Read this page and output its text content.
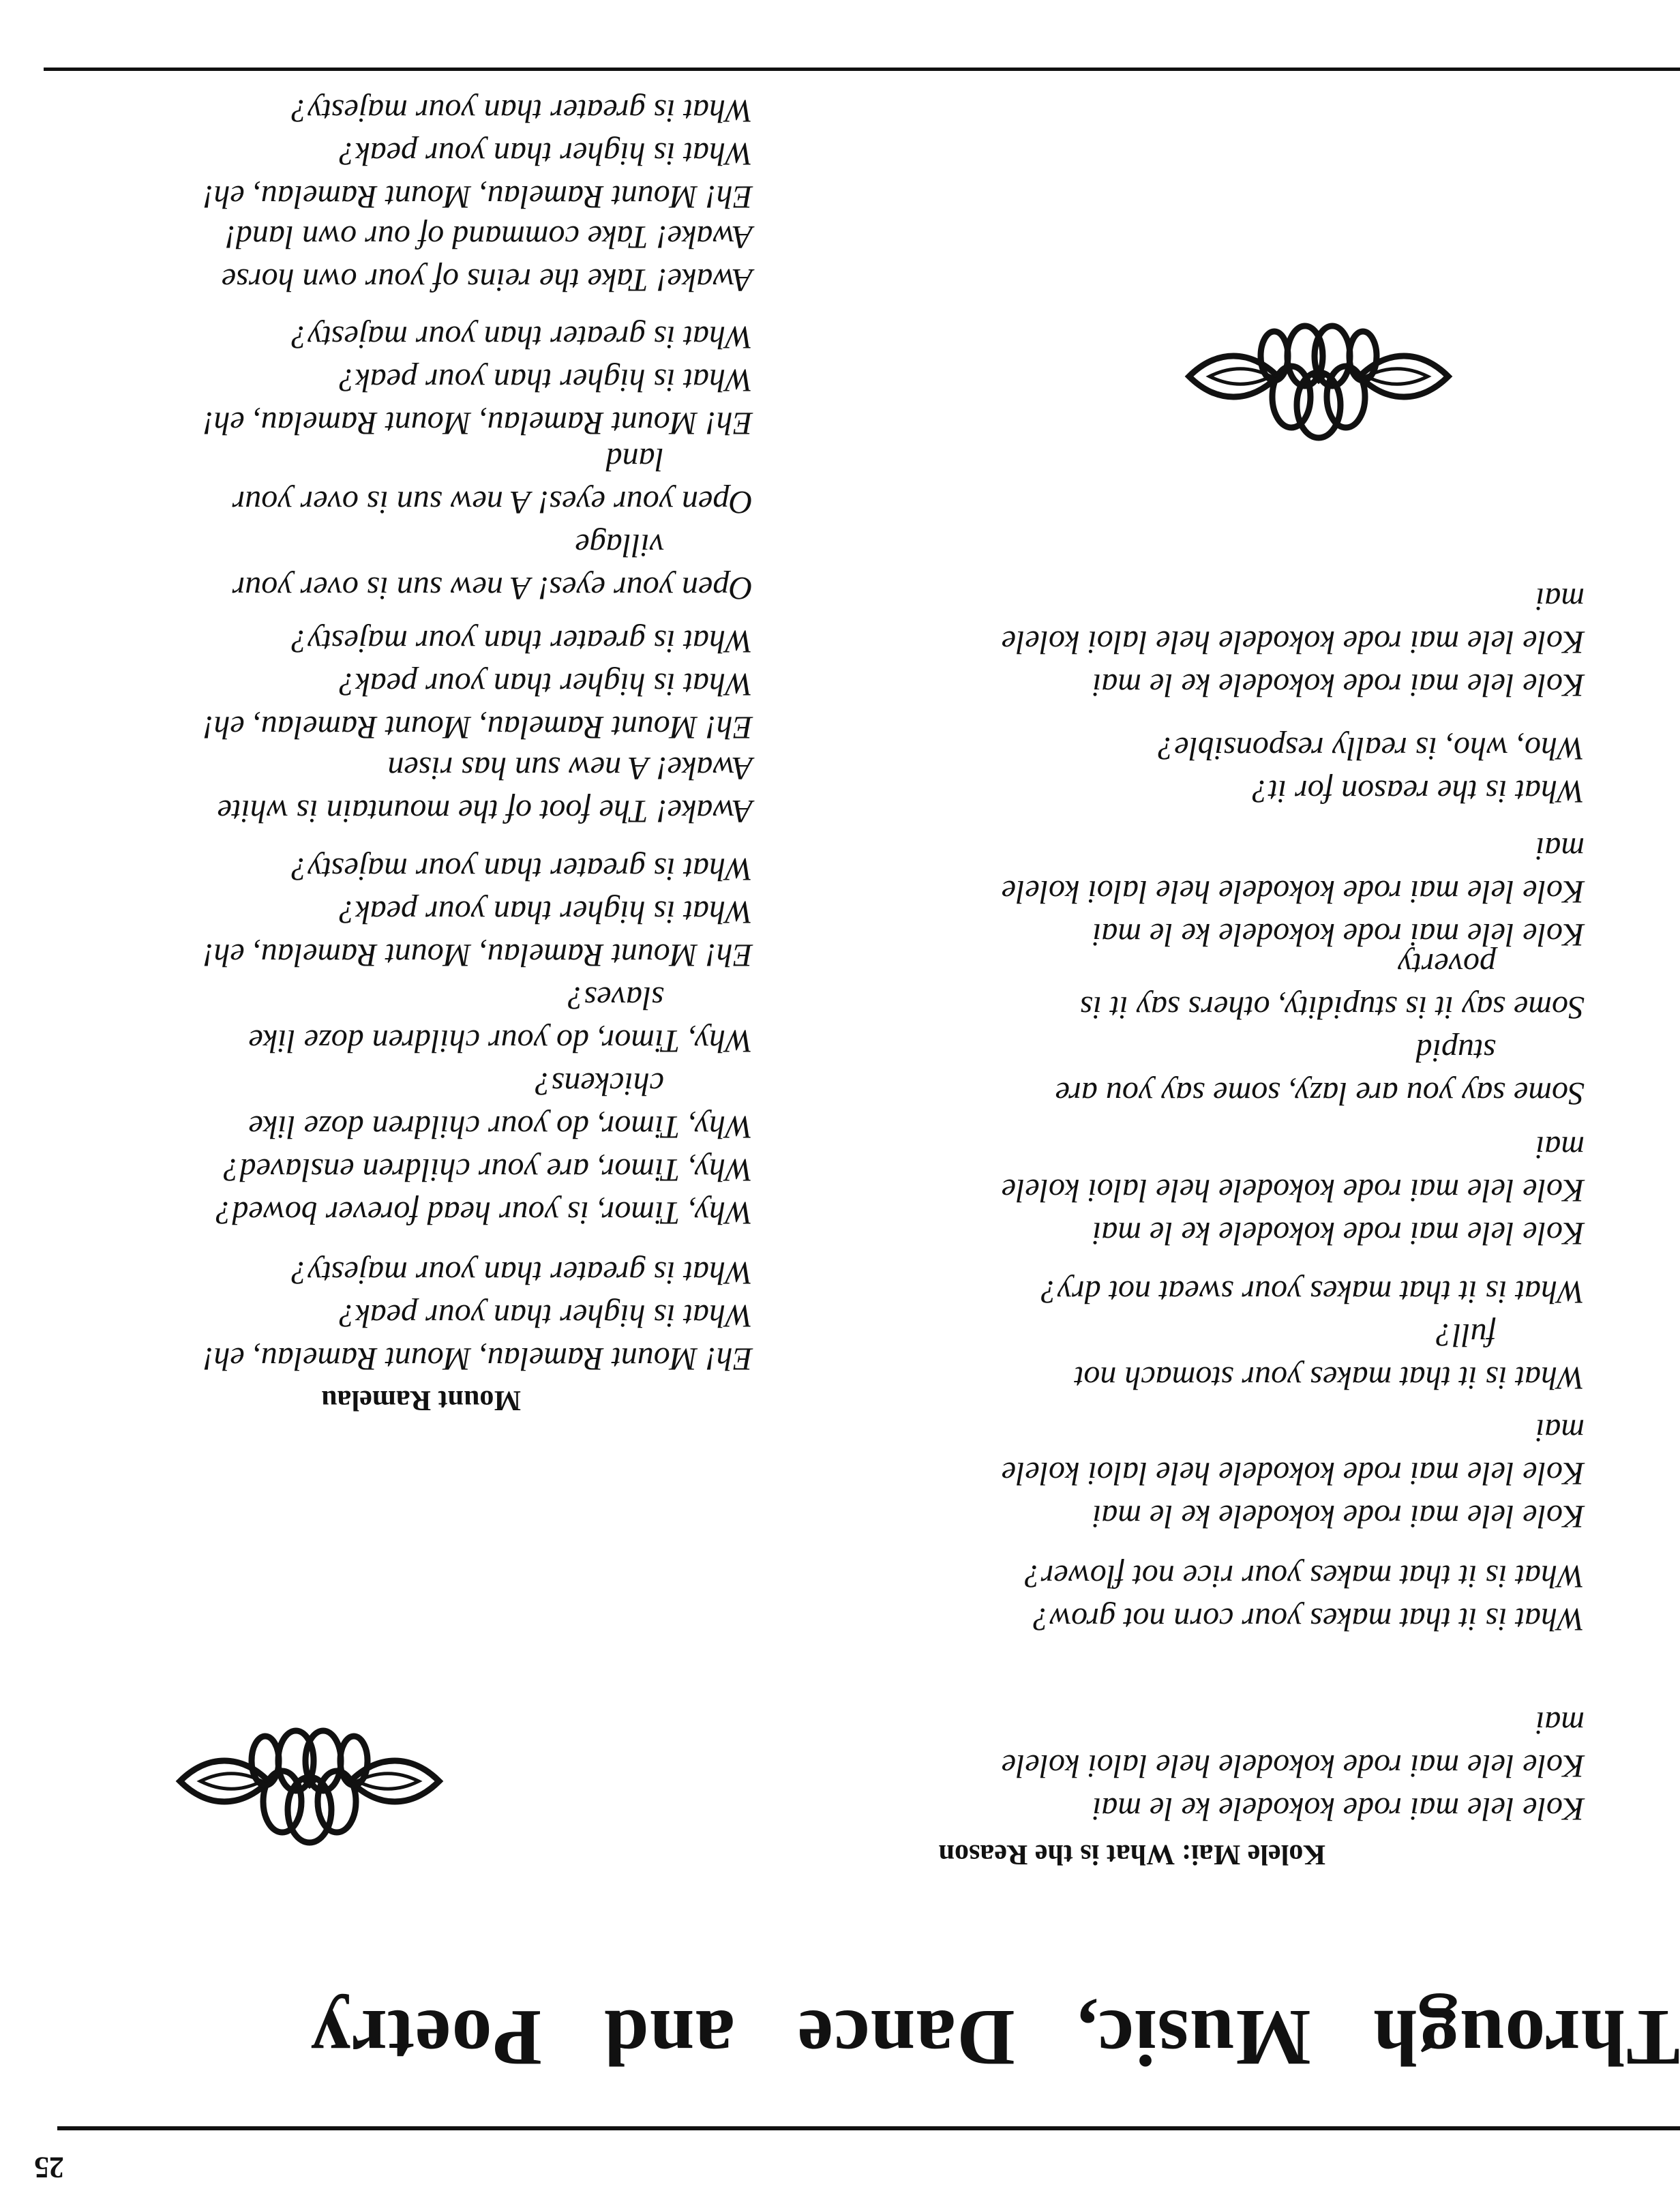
Through Music, Dance and Poetry
Kolele Mai: What is the Reason
Kole lele mai rode kokodele ke le mai
Kole lele mai rode kokodele hele laloi kolele
mai
What is it that makes your corn not grow?
What is it that makes your rice not flower?
Kole lele mai rode kokodele ke le mai
Kole lele mai rode kokodele hele laloi kolele
mai
What is it that makes your stomach not
full?
What is it that makes your sweat not dry?
Kole lele mai rode kokodele ke le mai
Kole lele mai rode kokodele hele laloi kolele
mai
Some say you are lazy, some say you are
stupid
Some say it is stupidity, others say it is
poverty
Kole lele mai rode kokodele ke le mai
Kole lele mai rode kokodele hele laloi kolele
mai
What is the reason for it?
Who, who, is really responsible?
Kole lele mai rode kokodele ke le mai
Kole lele mai rode kokodele hele laloi kolele
mai
Mount Ramelau
Eh! Mount Ramelau, Mount Ramelau, eh!
What is higher than your peak?
What is greater than your majesty?
Why, Timor, is your head forever bowed?
Why, Timor, are your children enslaved?
Why, Timor, do your children doze like
chickens?
Why, Timor, do your children doze like
slaves?
Eh! Mount Ramelau, Mount Ramelau, eh!
What is higher than your peak?
What is greater than your majesty?
Awake! The foot of the mountain is white
Awake! A new sun has risen
Eh! Mount Ramelau, Mount Ramelau, eh!
What is higher than your peak?
What is greater than your majesty?
Open your eyes! A new sun is over your
village
Open your eyes! A new sun is over your
land
Eh! Mount Ramelau, Mount Ramelau, eh!
What is higher than your peak?
What is greater than your majesty?
Awake! Take the reins of your own horse
Awake! Take command of our own land!
Eh! Mount Ramelau, Mount Ramelau, eh!
What is higher than your peak?
What is greater than your majesty?
25
